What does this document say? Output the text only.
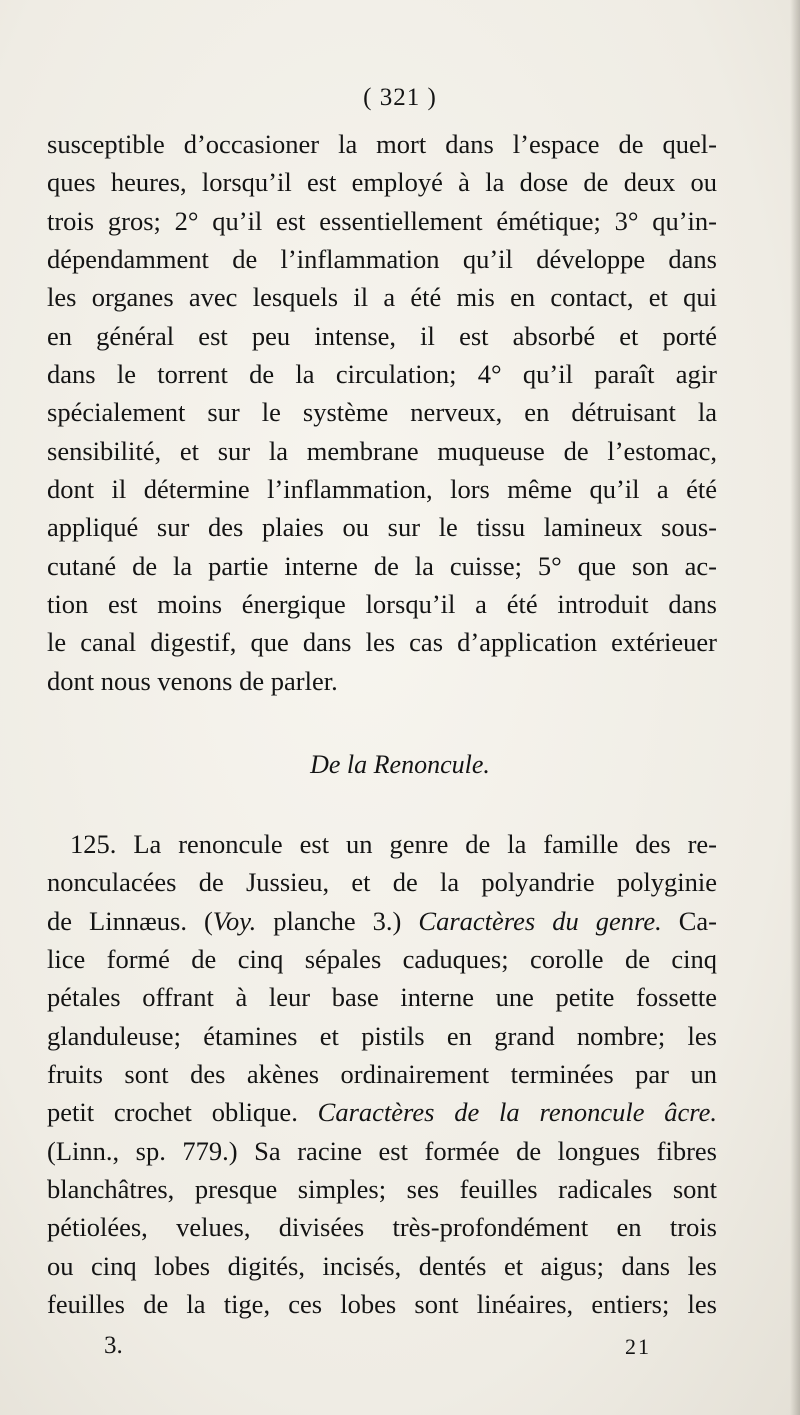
( 321 )
susceptible d’occasioner la mort dans l’espace de quel-
ques heures, lorsqu’il est employé à la dose de deux ou
trois gros; 2° qu’il est essentiellement émétique; 3° qu’in-
dépendamment de l’inflammation qu’il développe dans
les organes avec lesquels il a été mis en contact, et qui
en général est peu intense, il est absorbé et porté
dans le torrent de la circulation; 4° qu’il paraît agir
spécialement sur le système nerveux, en détruisant la
sensibilité, et sur la membrane muqueuse de l’estomac,
dont il détermine l’inflammation, lors même qu’il a été
appliqué sur des plaies ou sur le tissu lamineux sous-
cutané de la partie interne de la cuisse; 5° que son ac-
tion est moins énergique lorsqu’il a été introduit dans
le canal digestif, que dans les cas d’application extérieuer
dont nous venons de parler.
De la Renoncule.
125. La renoncule est un genre de la famille des re-
nonculacées de Jussieu, et de la polyandrie polyginie
de Linnæus. (Voy. planche 3.) Caractères du genre. Ca-
lice formé de cinq sépales caduques; corolle de cinq
pétales offrant à leur base interne une petite fossette
glanduleuse; étamines et pistils en grand nombre; les
fruits sont des akènes ordinairement terminées par un
petit crochet oblique. Caractères de la renoncule âcre.
(Linn., sp. 779.) Sa racine est formée de longues fibres
blanchâtres, presque simples; ses feuilles radicales sont
pétiolées, velues, divisées très-profondément en trois
ou cinq lobes digités, incisés, dentés et aigus; dans les
feuilles de la tige, ces lobes sont linéaires, entiers; les
3.	21
